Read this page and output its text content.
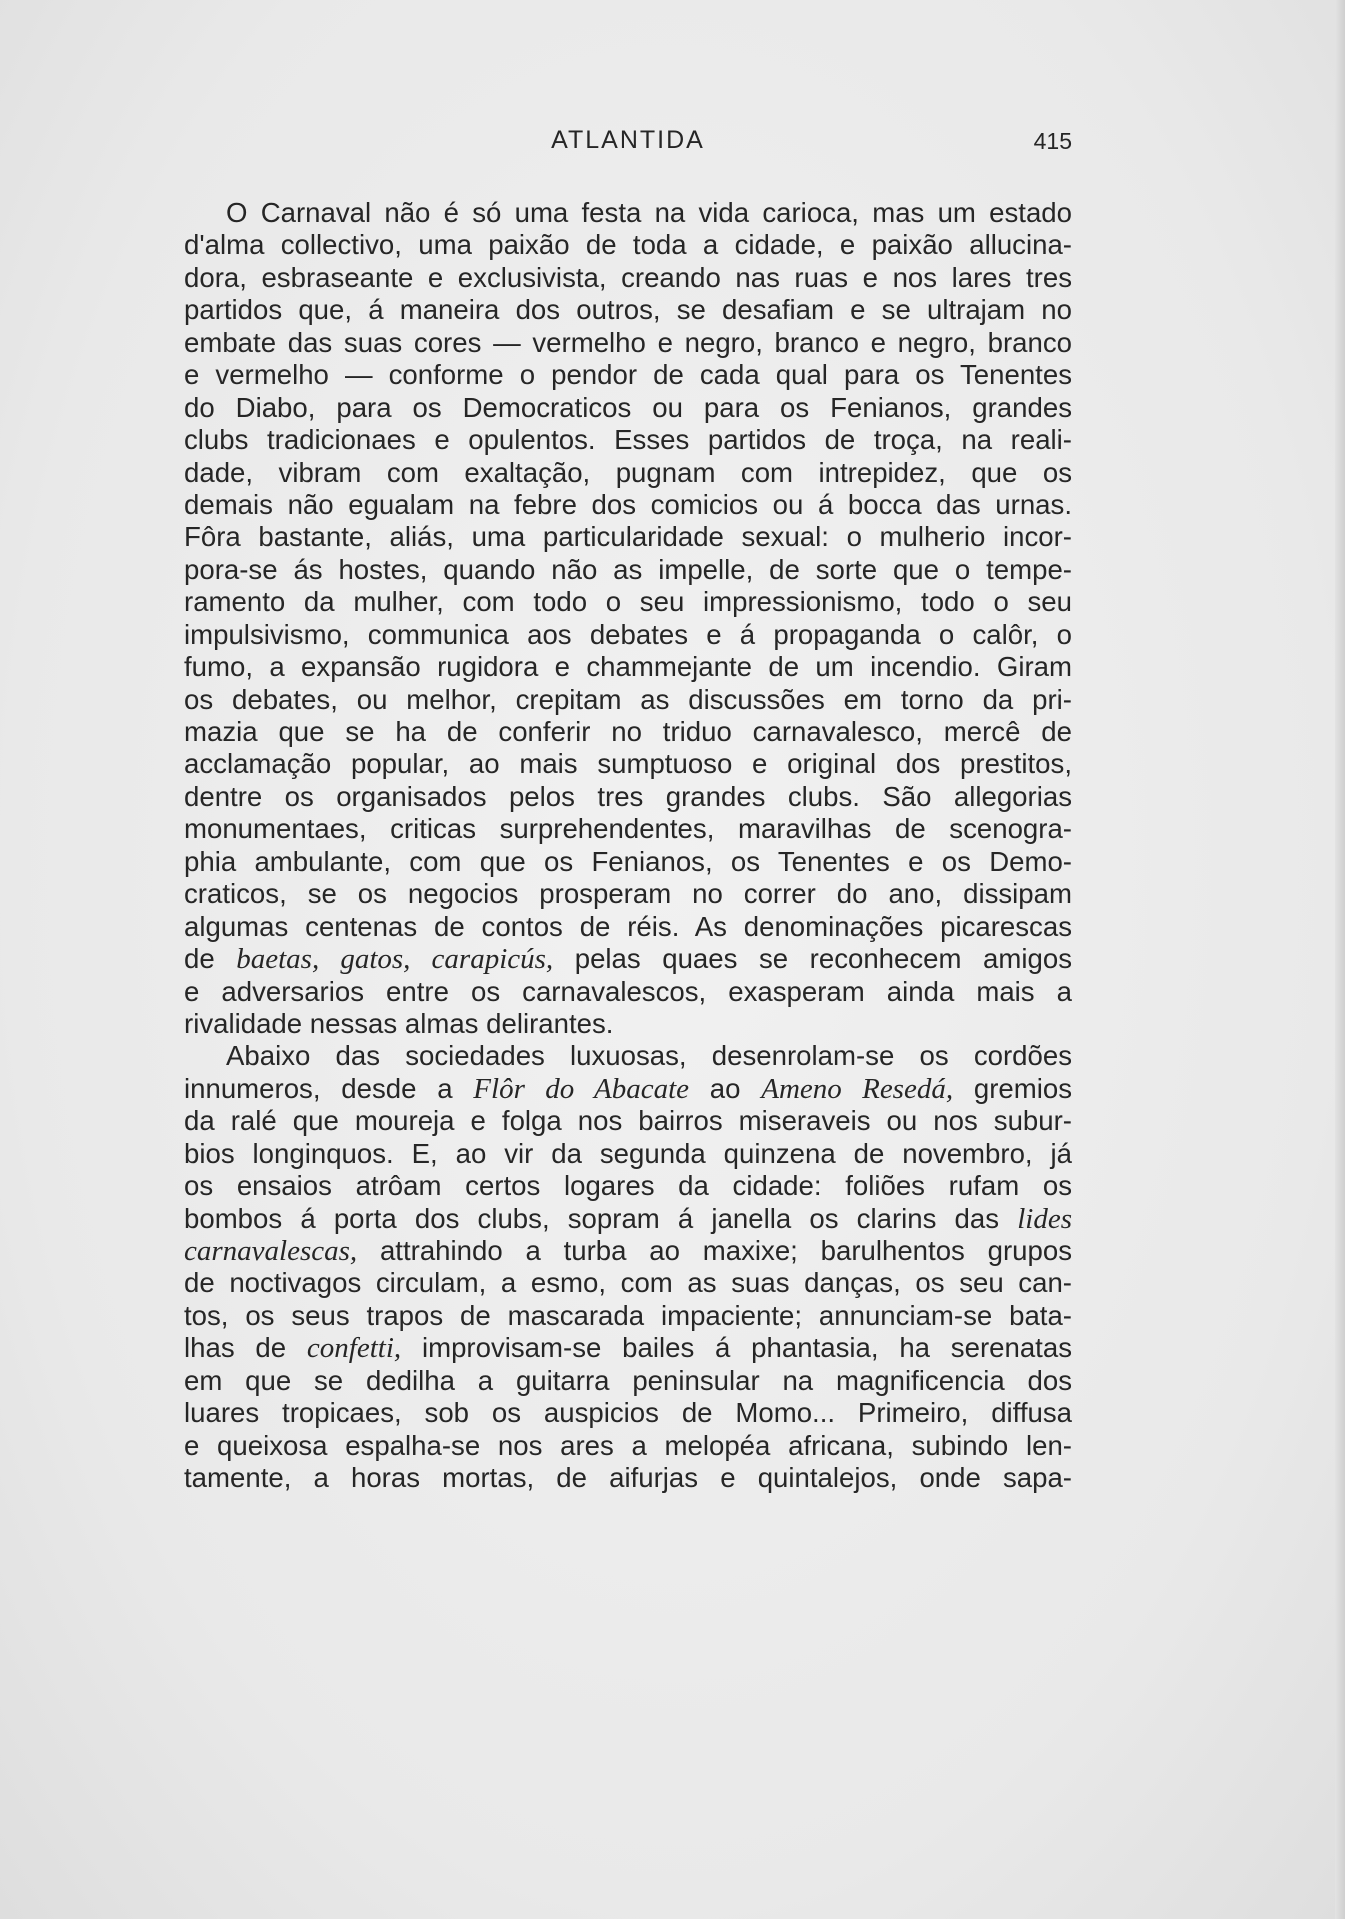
ATLANTIDA	415
O Carnaval não é só uma festa na vida carioca, mas um estado
d'alma collectivo, uma paixão de toda a cidade, e paixão allucina-
dora, esbraseante e exclusivista, creando nas ruas e nos lares tres
partidos que, á maneira dos outros, se desafiam e se ultrajam no
embate das suas cores — vermelho e negro, branco e negro, branco
e vermelho — conforme o pendor de cada qual para os Tenentes
do Diabo, para os Democraticos ou para os Fenianos, grandes
clubs tradicionaes e opulentos. Esses partidos de troça, na reali-
dade, vibram com exaltação, pugnam com intrepidez, que os
demais não egualam na febre dos comicios ou á bocca das urnas.
Fôra bastante, aliás, uma particularidade sexual: o mulherio incor-
pora-se ás hostes, quando não as impelle, de sorte que o tempe-
ramento da mulher, com todo o seu impressionismo, todo o seu
impulsivismo, communica aos debates e á propaganda o calôr, o
fumo, a expansão rugidora e chammejante de um incendio. Giram
os debates, ou melhor, crepitam as discussões em torno da pri-
mazia que se ha de conferir no triduo carnavalesco, mercê de
acclamação popular, ao mais sumptuoso e original dos prestitos,
dentre os organisados pelos tres grandes clubs. São allegorias
monumentaes, criticas surprehendentes, maravilhas de scenogra-
phia ambulante, com que os Fenianos, os Tenentes e os Demo-
craticos, se os negocios prosperam no correr do ano, dissipam
algumas centenas de contos de réis. As denominações picarescas
de baetas, gatos, carapicús, pelas quaes se reconhecem amigos
e adversarios entre os carnavalescos, exasperam ainda mais a
rivalidade nessas almas delirantes.
Abaixo das sociedades luxuosas, desenrolam-se os cordões
innumeros, desde a Flôr do Abacate ao Ameno Resedá, gremios
da ralé que moureja e folga nos bairros miseraveis ou nos subur-
bios longinquos. E, ao vir da segunda quinzena de novembro, já
os ensaios atrôam certos logares da cidade: foliões rufam os
bombos á porta dos clubs, sopram á janella os clarins das lides
carnavalescas, attrahindo a turba ao maxixe; barulhentos grupos
de noctivagos circulam, a esmo, com as suas danças, os seu can-
tos, os seus trapos de mascarada impaciente; annunciam-se bata-
lhas de confetti, improvisam-se bailes á phantasia, ha serenatas
em que se dedilha a guitarra peninsular na magnificencia dos
luares tropicaes, sob os auspicios de Momo... Primeiro, diffusa
e queixosa espalha-se nos ares a melopéa africana, subindo len-
tamente, a horas mortas, de aifurjas e quintalejos, onde sapa-
